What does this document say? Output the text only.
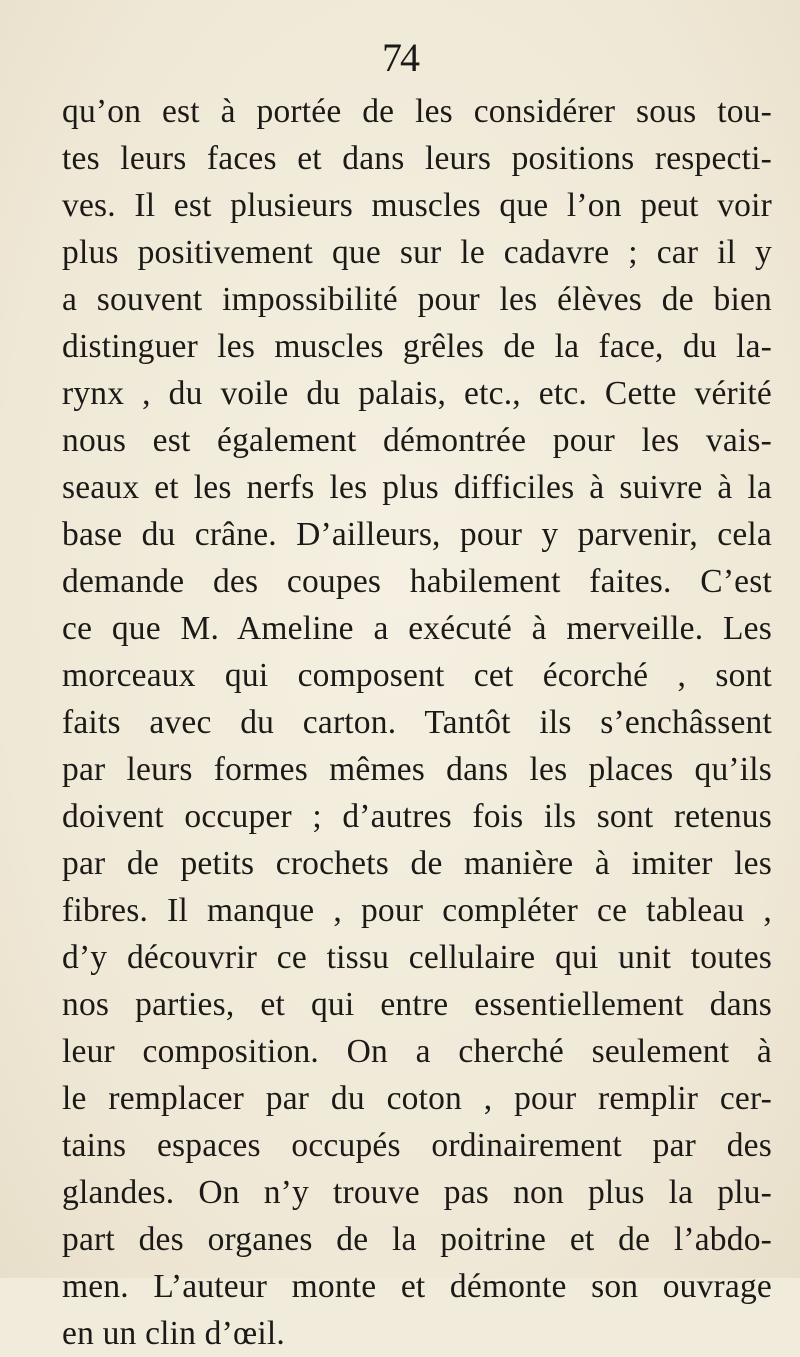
74
qu’on est à portée de les considérer sous tou-
tes leurs faces et dans leurs positions respecti-
ves. Il est plusieurs muscles que l’on peut voir
plus positivement que sur le cadavre ; car il y
a souvent impossibilité pour les élèves de bien
distinguer les muscles grêles de la face, du la-
rynx , du voile du palais, etc., etc. Cette vérité
nous est également démontrée pour les vais-
seaux et les nerfs les plus difficiles à suivre à la
base du crâne. D’ailleurs, pour y parvenir, cela
demande des coupes habilement faites. C’est
ce que M. Ameline a exécuté à merveille. Les
morceaux qui composent cet écorché , sont
faits avec du carton. Tantôt ils s’enchâssent
par leurs formes mêmes dans les places qu’ils
doivent occuper ; d’autres fois ils sont retenus
par de petits crochets de manière à imiter les
fibres. Il manque , pour compléter ce tableau ,
d’y découvrir ce tissu cellulaire qui unit toutes
nos parties, et qui entre essentiellement dans
leur composition. On a cherché seulement à
le remplacer par du coton , pour remplir cer-
tains espaces occupés ordinairement par des
glandes. On n’y trouve pas non plus la plu-
part des organes de la poitrine et de l’abdo-
men. L’auteur monte et démonte son ouvrage
en un clin d’œil.
